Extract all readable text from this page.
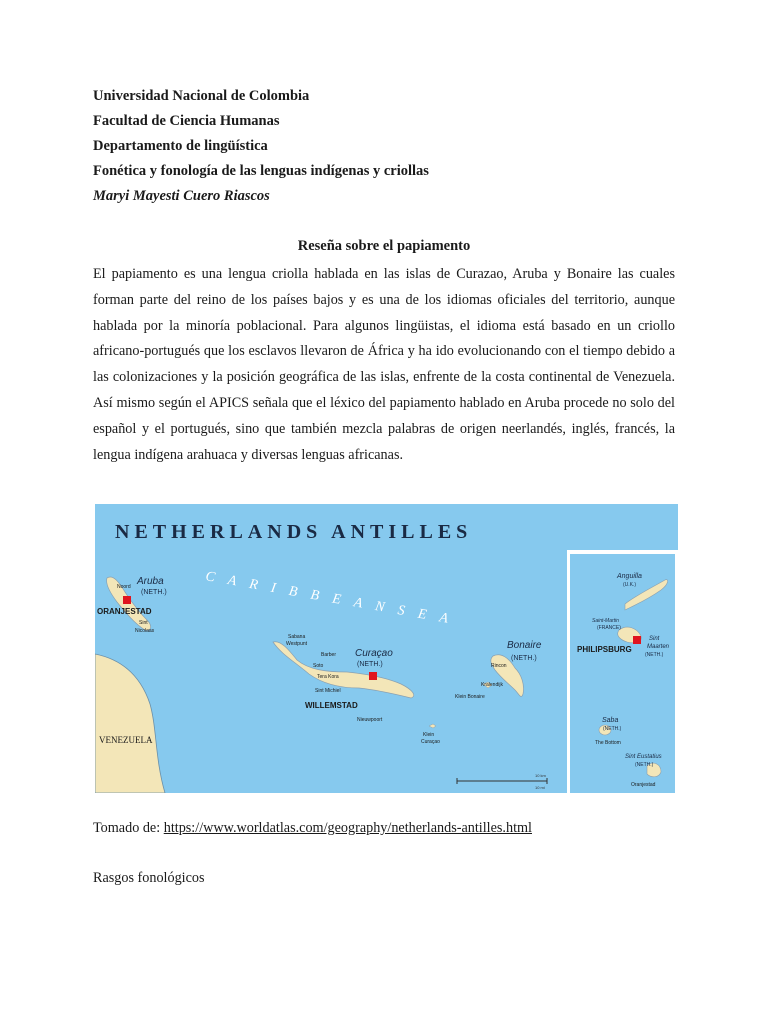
Universidad Nacional de Colombia
Facultad de Ciencia Humanas
Departamento de lingüística
Fonética y fonología de las lenguas indígenas y criollas
Maryi Mayesti Cuero Riascos
Reseña sobre el papiamento
El papiamento es una lengua criolla hablada en las islas de Curazao, Aruba y Bonaire las cuales forman parte del reino de los países bajos y es una de los idiomas oficiales del territorio, aunque hablada por la minoría poblacional. Para algunos lingüistas, el idioma está basado en un criollo africano-portugués que los esclavos llevaron de África y ha ido evolucionando con el tiempo debido a las colonizaciones y la posición geográfica de las islas, enfrente de la costa continental de Venezuela. Así mismo según el APICS señala que el léxico del papiamento hablado en Aruba procede no solo del español y el portugués, sino que también mezcla palabras de origen neerlandés, inglés, francés, la lengua indígena arahuaca y diversas lenguas africanas.
NETHERLANDS ANTILLES
C A R I B B E A N S E A
VENEZUELA
Aruba
(NETH.)
ORANJESTAD
Noord
Sint
Nicolaas
Curaçao
(NETH.)
WILLEMSTAD
Sabana
Westpunt
Barber
Soto
Tera Kora
Sint Michiel
Nieuwpoort
Klein
Curaçao
Bonaire
(NETH.)
Rincon
Kralendijk
Klein Bonaire
Anguilla
(U.K.)
Saint-Martin
(FRANCE)
PHILIPSBURG
Sint
Maarten
(NETH.)
Saba
(NETH.)
The Bottom
Sint Eustatius
(NETH.)
Oranjestad
10 km
10 mi
Tomado de: https://www.worldatlas.com/geography/netherlands-antilles.html
Rasgos fonológicos
